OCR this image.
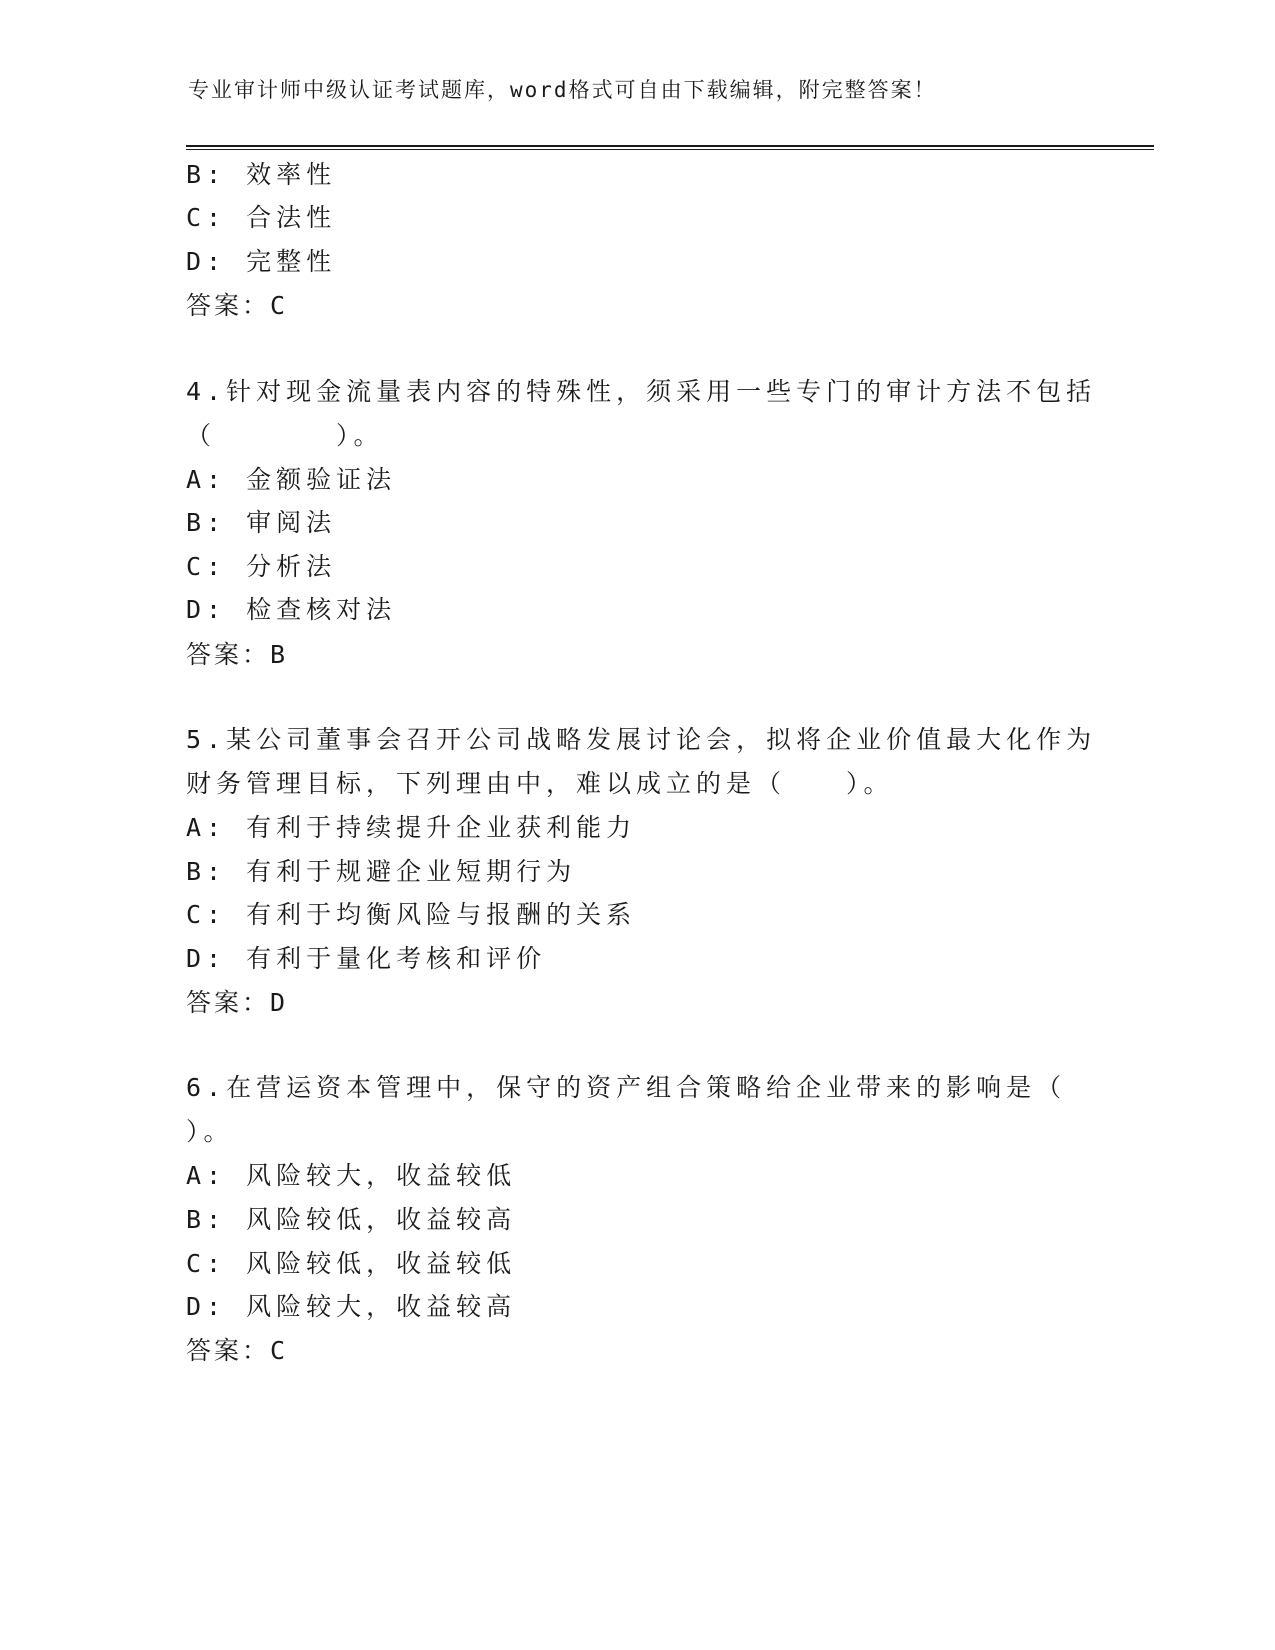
专业审计师中级认证考试题库，word格式可自由下载编辑，附完整答案！
B: 效率性
C: 合法性
D: 完整性
答案：C
4.针对现金流量表内容的特殊性，须采用一些专门的审计方法不包括
（　　　　）。
A: 金额验证法
B: 审阅法
C: 分析法
D: 检查核对法
答案：B
5.某公司董事会召开公司战略发展讨论会，拟将企业价值最大化作为
财务管理目标，下列理由中，难以成立的是（　　）。
A: 有利于持续提升企业获利能力
B: 有利于规避企业短期行为
C: 有利于均衡风险与报酬的关系
D: 有利于量化考核和评价
答案：D
6.在营运资本管理中，保守的资产组合策略给企业带来的影响是（
）。
A: 风险较大，收益较低
B: 风险较低，收益较高
C: 风险较低，收益较低
D: 风险较大，收益较高
答案：C
